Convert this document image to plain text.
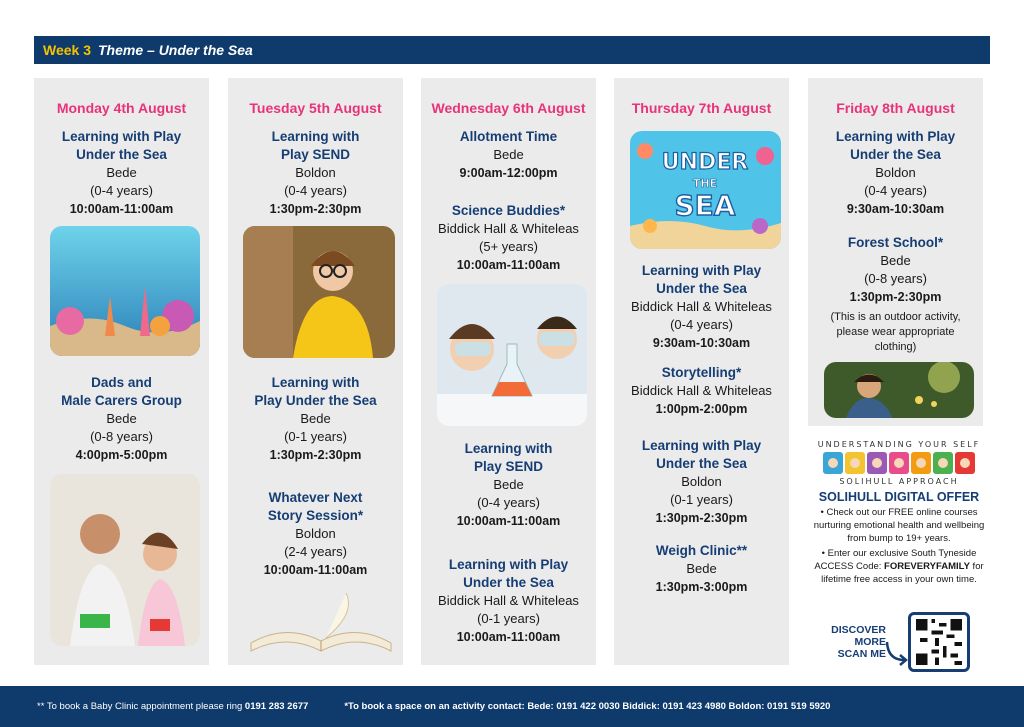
Week 3 Theme – Under the Sea
Monday 4th August
Learning with Play
Under the Sea
Bede
(0-4 years)
10:00am-11:00am
Dads and
Male Carers Group
Bede
(0-8 years)
4:00pm-5:00pm
Tuesday 5th August
Learning with
Play SEND
Boldon
(0-4 years)
1:30pm-2:30pm
Learning with
Play Under the Sea
Bede
(0-1 years)
1:30pm-2:30pm
Whatever Next
Story Session*
Boldon
(2-4 years)
10:00am-11:00am
Wednesday 6th August
Allotment Time
Bede
9:00am-12:00pm
Science Buddies*
Biddick Hall & Whiteleas
(5+ years)
10:00am-11:00am
Learning with
Play SEND
Bede
(0-4 years)
10:00am-11:00am
Learning with Play
Under the Sea
Biddick Hall & Whiteleas
(0-1 years)
10:00am-11:00am
Thursday 7th August
UNDER
THE
SEA
Learning with Play
Under the Sea
Biddick Hall & Whiteleas
(0-4 years)
9:30am-10:30am
Storytelling*
Biddick Hall & Whiteleas
1:00pm-2:00pm
Learning with Play
Under the Sea
Boldon
(0-1 years)
1:30pm-2:30pm
Weigh Clinic**
Bede
1:30pm-3:00pm
Friday 8th August
Learning with Play
Under the Sea
Boldon
(0-4 years)
9:30am-10:30am
Forest School*
Bede
(0-8 years)
1:30pm-2:30pm
(This is an outdoor activity, please wear appropriate clothing)
UNDERSTANDING YOUR SELF
SOLIHULL APPROACH
SOLIHULL DIGITAL OFFER
• Check out our FREE online courses nurturing emotional health and wellbeing from bump to 19+ years.
• Enter our exclusive South Tyneside ACCESS Code: FOREVERYFAMILY for lifetime free access in your own time.
DISCOVER
MORE
SCAN ME
** To book a Baby Clinic appointment please ring 0191 283 2677	*To book a space on an activity contact: Bede: 0191 422 0030 Biddick: 0191 423 4980 Boldon: 0191 519 5920
